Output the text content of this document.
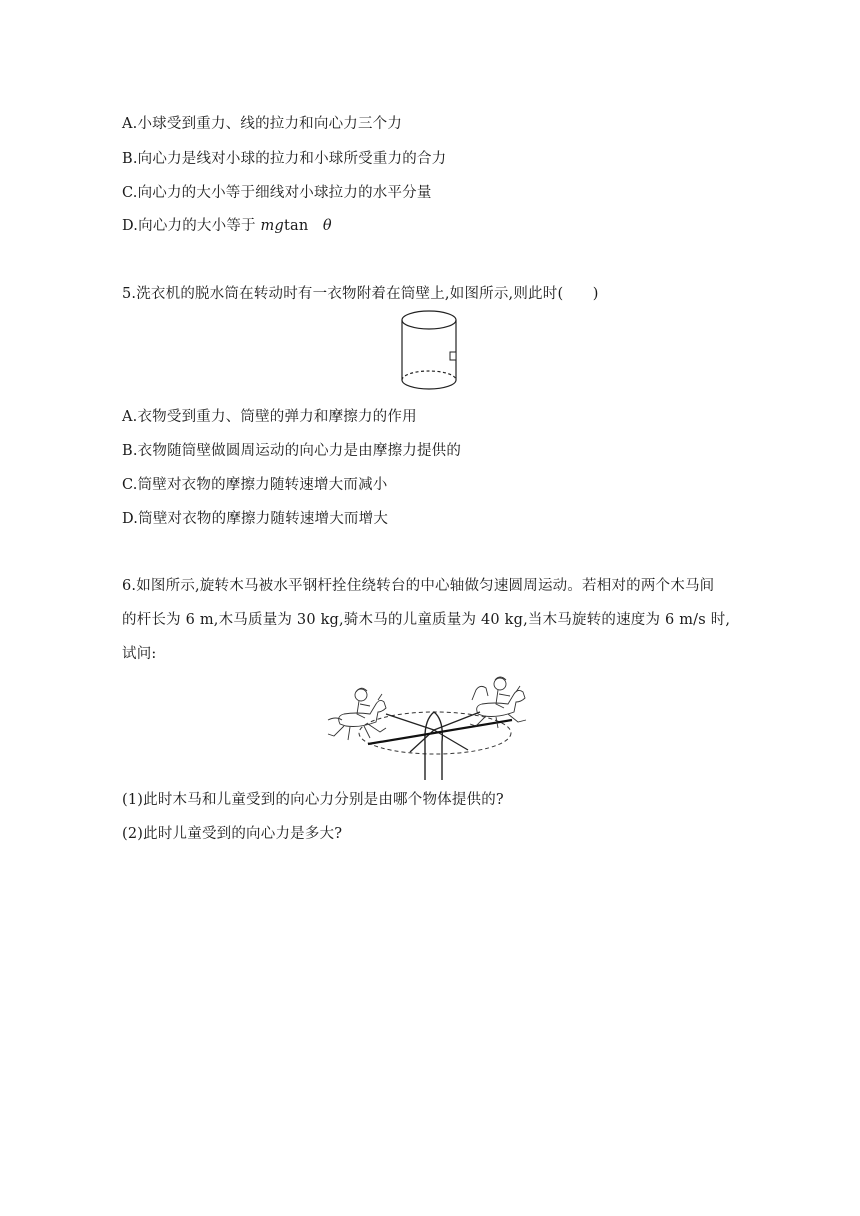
A.小球受到重力、线的拉力和向心力三个力
B.向心力是线对小球的拉力和小球所受重力的合力
C.向心力的大小等于细线对小球拉力的水平分量
D.向心力的大小等于 mgtan θ
5.洗衣机的脱水筒在转动时有一衣物附着在筒壁上,如图所示,则此时(　　)
A.衣物受到重力、筒壁的弹力和摩擦力的作用
B.衣物随筒壁做圆周运动的向心力是由摩擦力提供的
C.筒壁对衣物的摩擦力随转速增大而减小
D.筒壁对衣物的摩擦力随转速增大而增大
6.如图所示,旋转木马被水平钢杆拴住绕转台的中心轴做匀速圆周运动。若相对的两个木马间
的杆长为 6 m,木马质量为 30 kg,骑木马的儿童质量为 40 kg,当木马旋转的速度为 6 m/s 时,
试问:
(1)此时木马和儿童受到的向心力分别是由哪个物体提供的?
(2)此时儿童受到的向心力是多大?
